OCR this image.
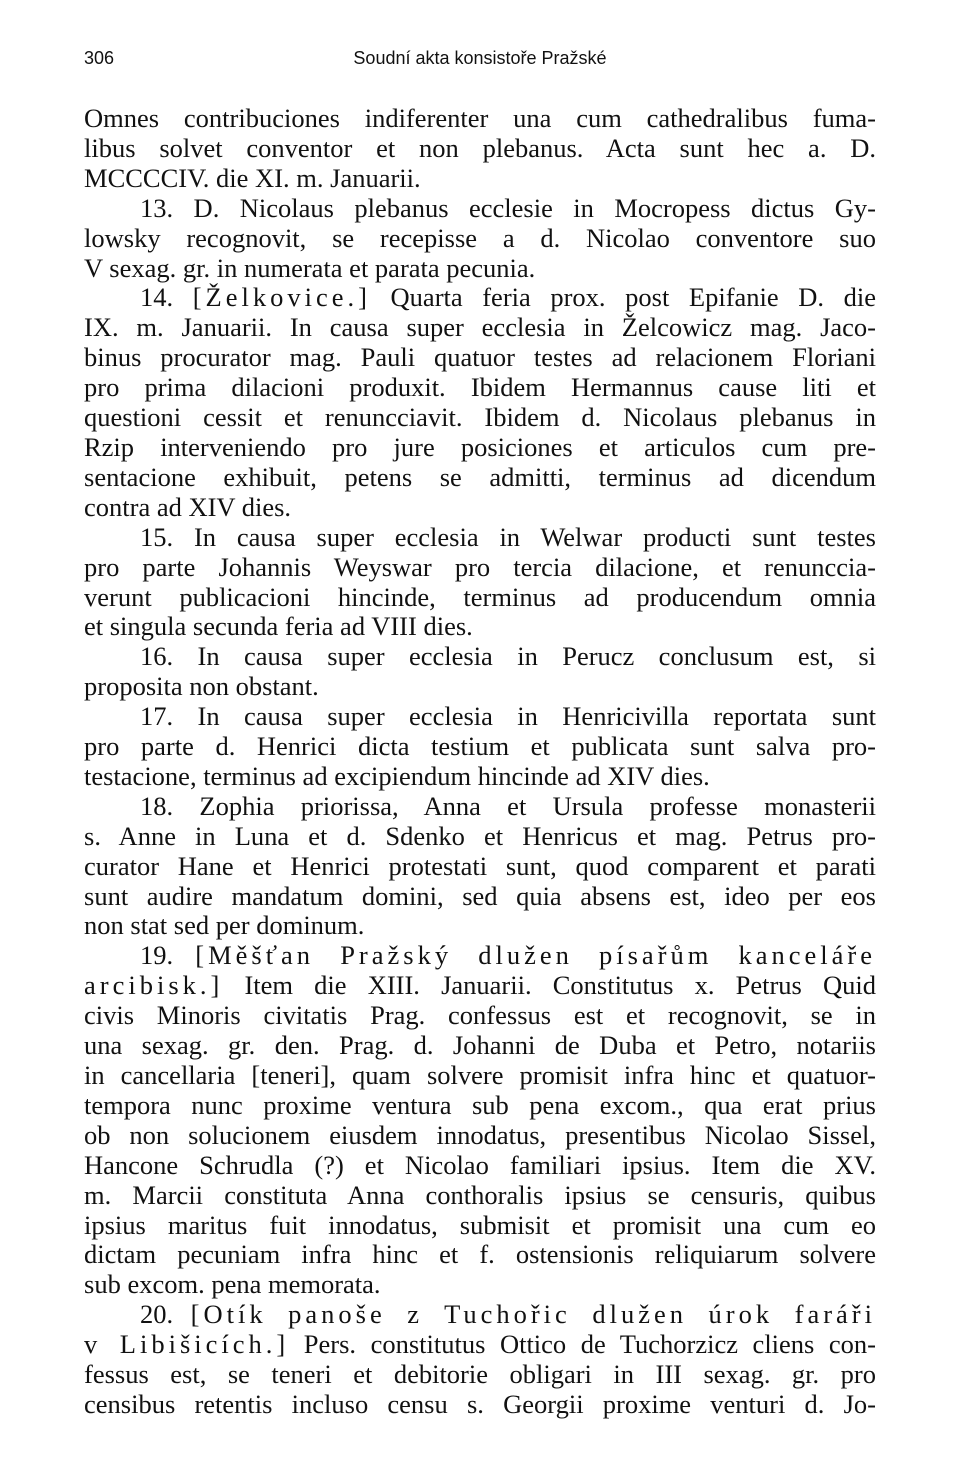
306	Soudní akta konsistoře Pražské

Omnes contribuciones indiferenter una cum cathedralibus fuma-

libus solvet conventor et non plebanus. Acta sunt hec a. D.

MCCCCIV. die XI. m. Januarii.

13. D. Nicolaus plebanus ecclesie in Mocropess dictus Gy-

lowsky recognovit, se recepisse a d. Nicolao conventore suo

V sexag. gr. in numerata et parata pecunia.

14. [Želkovice.] Quarta feria prox. post Epifanie D. die

IX. m. Januarii. In causa super ecclesia in Želcowicz mag. Jaco-

binus procurator mag. Pauli quatuor testes ad relacionem Floriani

pro prima dilacioni produxit. Ibidem Hermannus cause liti et

questioni cessit et renuncciavit. Ibidem d. Nicolaus plebanus in

Rzip interveniendo pro jure posiciones et articulos cum pre-

sentacione exhibuit, petens se admitti, terminus ad dicendum

contra ad XIV dies.

15. In causa super ecclesia in Welwar producti sunt testes

pro parte Johannis Weyswar pro tercia dilacione, et renunccia-

verunt publicacioni hincinde, terminus ad producendum omnia

et singula secunda feria ad VIII dies.

16. In causa super ecclesia in Perucz conclusum est, si

proposita non obstant.

17. In causa super ecclesia in Henricivilla reportata sunt

pro parte d. Henrici dicta testium et publicata sunt salva pro-

testacione, terminus ad excipiendum hincinde ad XIV dies.

18. Zophia priorissa, Anna et Ursula professe monasterii

s. Anne in Luna et d. Sdenko et Henricus et mag. Petrus pro-

curator Hane et Henrici protestati sunt, quod comparent et parati

sunt audire mandatum domini, sed quia absens est, ideo per eos

non stat sed per dominum.

19. [Měšťan Pražský dlužen písařům kanceláře

arcibisk.] Item die XIII. Januarii. Constitutus x. Petrus Quid

civis Minoris civitatis Prag. confessus est et recognovit, se in

una sexag. gr. den. Prag. d. Johanni de Duba et Petro, notariis

in cancellaria [teneri], quam solvere promisit infra hinc et quatuor-

tempora nunc proxime ventura sub pena excom., qua erat prius

ob non solucionem eiusdem innodatus, presentibus Nicolao Sissel,

Hancone Schrudla (?) et Nicolao familiari ipsius. Item die XV.

m. Marcii constituta Anna conthoralis ipsius se censuris, quibus

ipsius maritus fuit innodatus, submisit et promisit una cum eo

dictam pecuniam infra hinc et f. ostensionis reliquiarum solvere

sub excom. pena memorata.

20. [Otík panoše z Tuchořic dlužen úrok faráři

v Libišicích.] Pers. constitutus Ottico de Tuchorzicz cliens con-

fessus est, se teneri et debitorie obligari in III sexag. gr. pro

censibus retentis incluso censu s. Georgii proxime venturi d. Jo-
